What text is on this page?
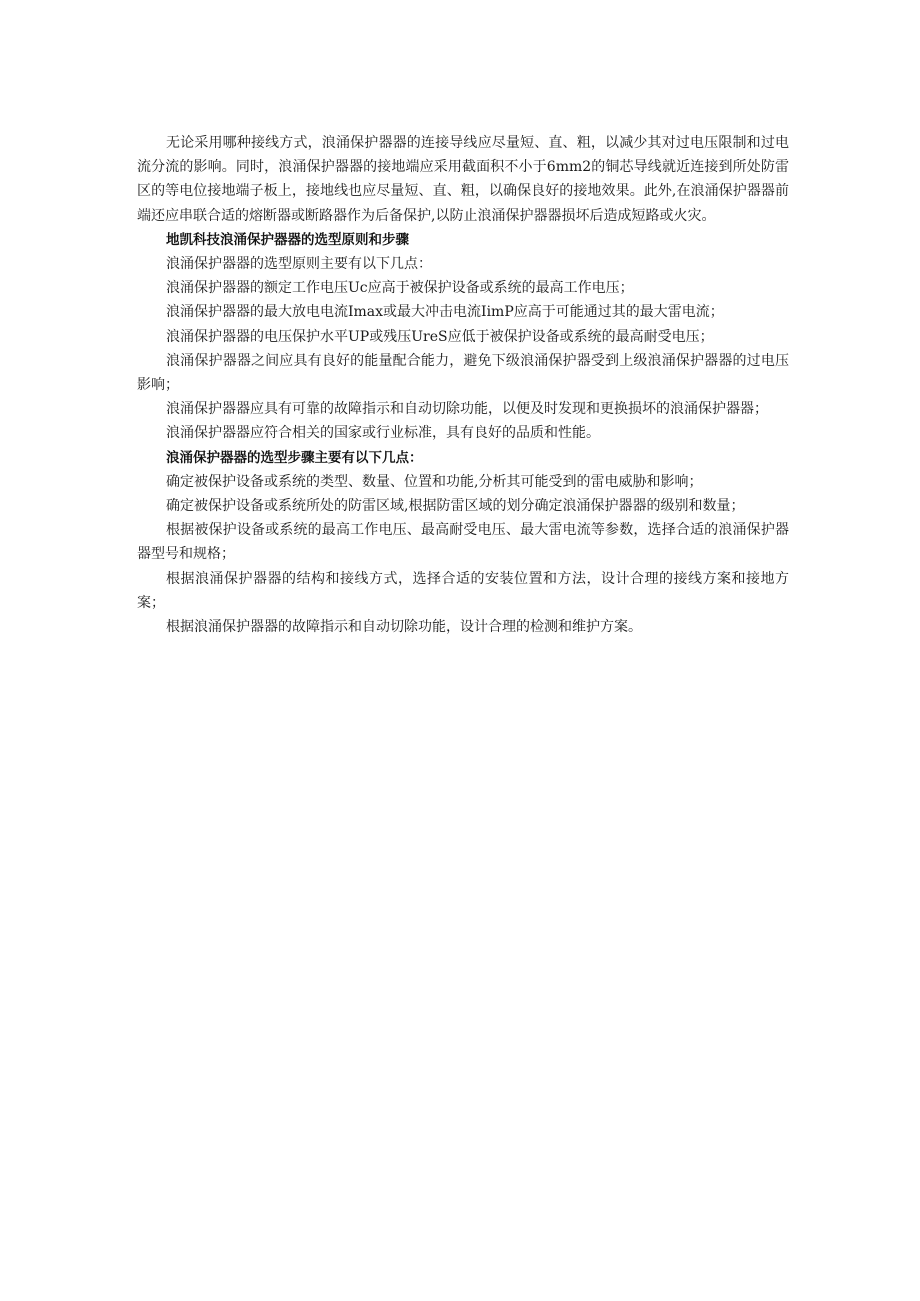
无论采用哪种接线方式，浪涌保护器器的连接导线应尽量短、直、粗，以减少其对过电压限制和过电流分流的影响。同时，浪涌保护器器的接地端应采用截面积不小于6mm2的铜芯导线就近连接到所处防雷区的等电位接地端子板上，接地线也应尽量短、直、粗，以确保良好的接地效果。此外,在浪涌保护器器前端还应串联合适的熔断器或断路器作为后备保护,以防止浪涌保护器器损坏后造成短路或火灾。

地凯科技浪涌保护器器的选型原则和步骤

浪涌保护器器的选型原则主要有以下几点：

浪涌保护器器的额定工作电压Uc应高于被保护设备或系统的最高工作电压；

浪涌保护器器的最大放电电流Imax或最大冲击电流IimP应高于可能通过其的最大雷电流；

浪涌保护器器的电压保护水平UP或残压UreS应低于被保护设备或系统的最高耐受电压；

浪涌保护器器之间应具有良好的能量配合能力，避免下级浪涌保护器受到上级浪涌保护器器的过电压影响；

浪涌保护器器应具有可靠的故障指示和自动切除功能，以便及时发现和更换损坏的浪涌保护器器；

浪涌保护器器应符合相关的国家或行业标准，具有良好的品质和性能。

浪涌保护器器的选型步骤主要有以下几点：

确定被保护设备或系统的类型、数量、位置和功能,分析其可能受到的雷电威胁和影响；

确定被保护设备或系统所处的防雷区域,根据防雷区域的划分确定浪涌保护器器的级别和数量；

根据被保护设备或系统的最高工作电压、最高耐受电压、最大雷电流等参数，选择合适的浪涌保护器器型号和规格；

根据浪涌保护器器的结构和接线方式，选择合适的安装位置和方法，设计合理的接线方案和接地方案；

根据浪涌保护器器的故障指示和自动切除功能，设计合理的检测和维护方案。
